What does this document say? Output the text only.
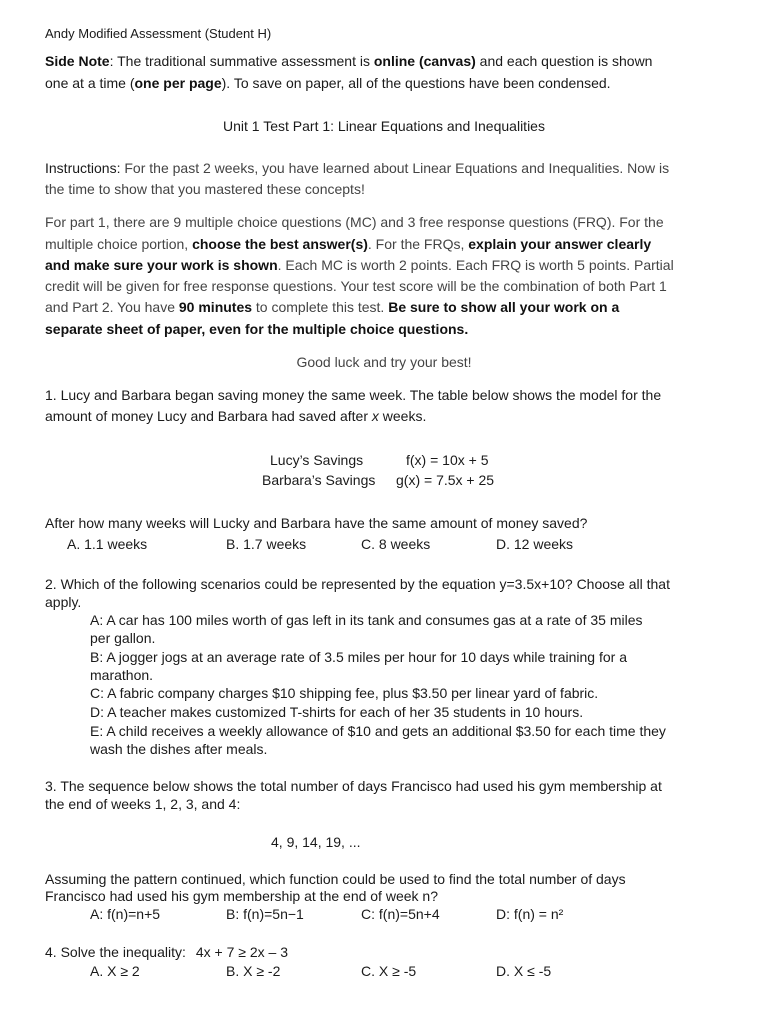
Andy Modified Assessment (Student H)
Side Note: The traditional summative assessment is online (canvas) and each question is shown
one at a time (one per page). To save on paper, all of the questions have been condensed.
Unit 1 Test Part 1: Linear Equations and Inequalities
Instructions: For the past 2 weeks, you have learned about Linear Equations and Inequalities. Now is
the time to show that you mastered these concepts!
For part 1, there are 9 multiple choice questions (MC) and 3 free response questions (FRQ). For the
multiple choice portion, choose the best answer(s). For the FRQs, explain your answer clearly
and make sure your work is shown. Each MC is worth 2 points. Each FRQ is worth 5 points. Partial
credit will be given for free response questions. Your test score will be the combination of both Part 1
and Part 2. You have 90 minutes to complete this test. Be sure to show all your work on a
separate sheet of paper, even for the multiple choice questions.
Good luck and try your best!
1. Lucy and Barbara began saving money the same week. The table below shows the model for the
amount of money Lucy and Barbara had saved after x weeks.
Lucy’s Savings	f(x) = 10x + 5
Barbara’s Savings g(x) = 7.5x + 25
After how many weeks will Lucky and Barbara have the same amount of money saved?
A. 1.1 weeks	B. 1.7 weeks	C. 8 weeks	D. 12 weeks
2. Which of the following scenarios could be represented by the equation y=3.5x+10? Choose all that
apply.
A: A car has 100 miles worth of gas left in its tank and consumes gas at a rate of 35 miles
per gallon.
B: A jogger jogs at an average rate of 3.5 miles per hour for 10 days while training for a
marathon.
C: A fabric company charges $10 shipping fee, plus $3.50 per linear yard of fabric.
D: A teacher makes customized T-shirts for each of her 35 students in 10 hours.
E: A child receives a weekly allowance of $10 and gets an additional $3.50 for each time they
wash the dishes after meals.
3. The sequence below shows the total number of days Francisco had used his gym membership at
the end of weeks 1, 2, 3, and 4:
4, 9, 14, 19, ...
Assuming the pattern continued, which function could be used to find the total number of days
Francisco had used his gym membership at the end of week n?
A: f(n)=n+5	B: f(n)=5n−1	C: f(n)=5n+4	D: f(n) = n²
4. Solve the inequality: 4x + 7 ≥ 2x – 3
A. X ≥ 2	B. X ≥ -2	C. X ≥ -5	D. X ≤ -5
